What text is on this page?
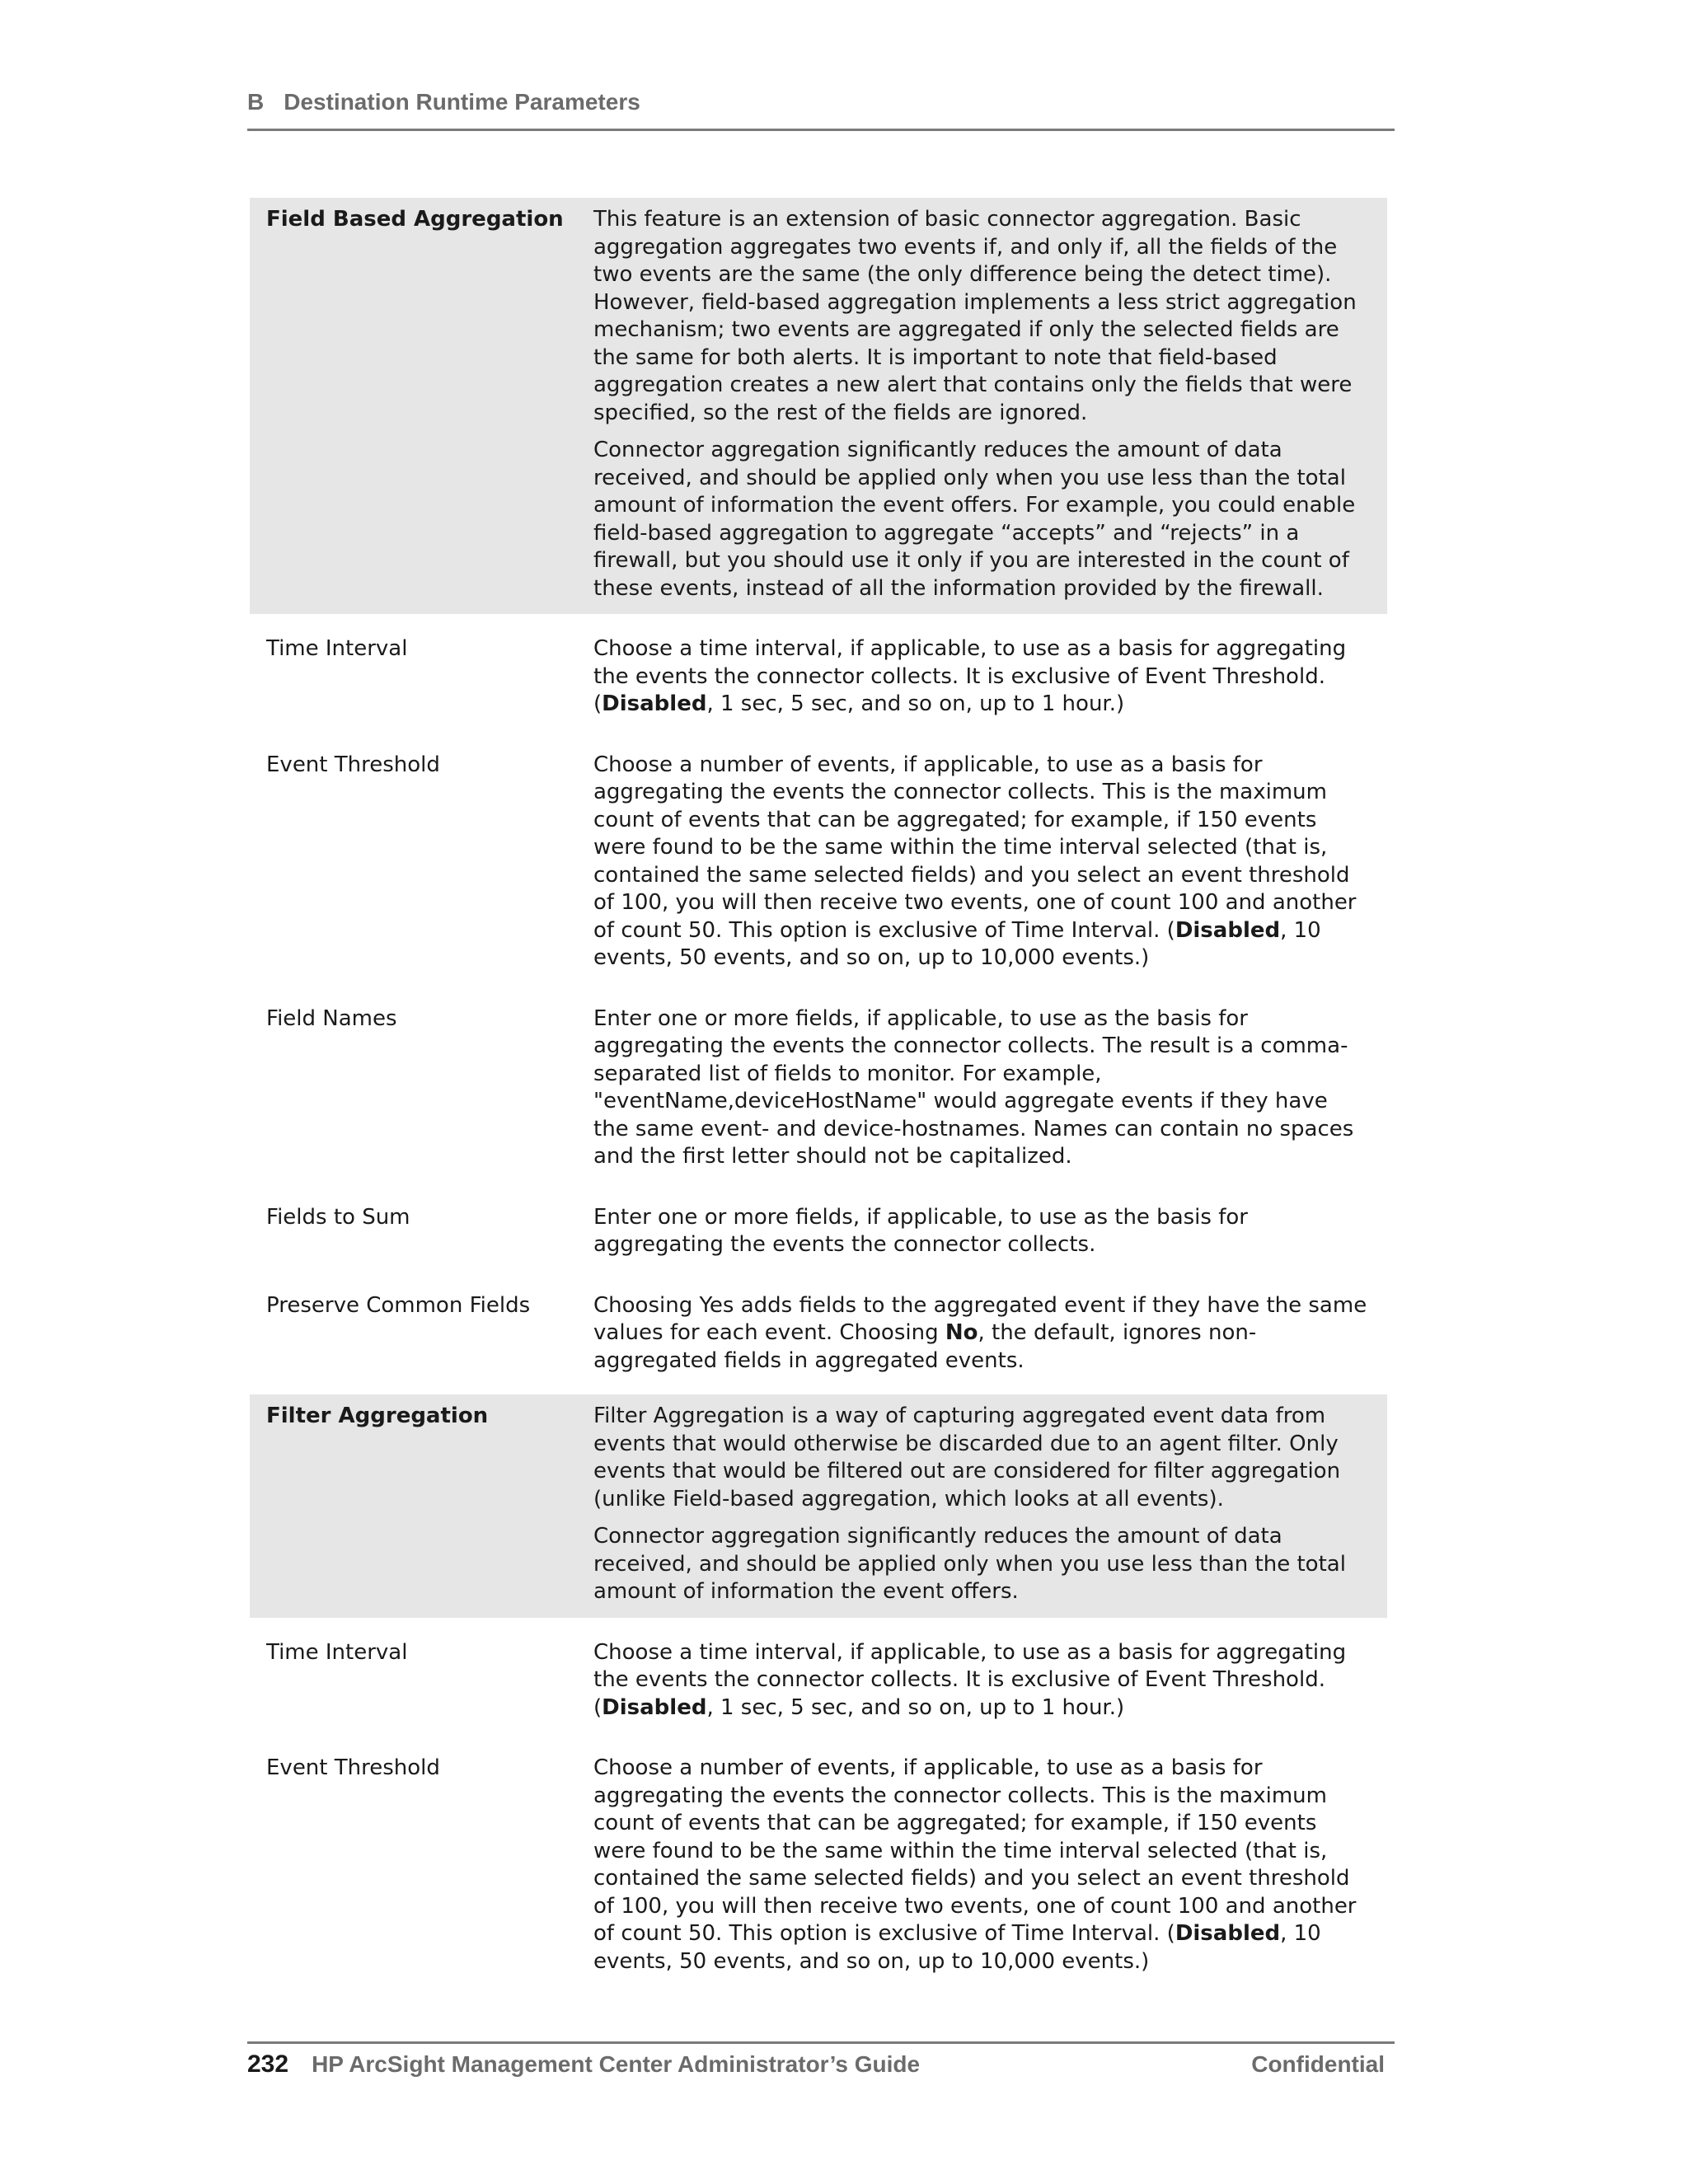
B Destination Runtime Parameters
Field Based Aggregation	This feature is an extension of basic connector aggregation. Basic aggregation aggregates two events if, and only if, all the fields of the two events are the same (the only difference being the detect time). However, field-based aggregation implements a less strict aggregation mechanism; two events are aggregated if only the selected fields are the same for both alerts. It is important to note that field-based aggregation creates a new alert that contains only the fields that were specified, so the rest of the fields are ignored.

Connector aggregation significantly reduces the amount of data received, and should be applied only when you use less than the total amount of information the event offers. For example, you could enable field-based aggregation to aggregate “accepts” and “rejects” in a firewall, but you should use it only if you are interested in the count of these events, instead of all the information provided by the firewall.

Time Interval	Choose a time interval, if applicable, to use as a basis for aggregating the events the connector collects. It is exclusive of Event Threshold. (Disabled, 1 sec, 5 sec, and so on, up to 1 hour.)

Event Threshold	Choose a number of events, if applicable, to use as a basis for aggregating the events the connector collects. This is the maximum count of events that can be aggregated; for example, if 150 events were found to be the same within the time interval selected (that is, contained the same selected fields) and you select an event threshold of 100, you will then receive two events, one of count 100 and another of count 50. This option is exclusive of Time Interval. (Disabled, 10 events, 50 events, and so on, up to 10,000 events.)

Field Names	Enter one or more fields, if applicable, to use as the basis for aggregating the events the connector collects. The result is a comma-separated list of fields to monitor. For example, "eventName,deviceHostName" would aggregate events if they have the same event- and device-hostnames. Names can contain no spaces and the first letter should not be capitalized.

Fields to Sum	Enter one or more fields, if applicable, to use as the basis for aggregating the events the connector collects.

Preserve Common Fields	Choosing Yes adds fields to the aggregated event if they have the same values for each event. Choosing No, the default, ignores non-aggregated fields in aggregated events.

Filter Aggregation	Filter Aggregation is a way of capturing aggregated event data from events that would otherwise be discarded due to an agent filter. Only events that would be filtered out are considered for filter aggregation (unlike Field-based aggregation, which looks at all events).

Connector aggregation significantly reduces the amount of data received, and should be applied only when you use less than the total amount of information the event offers.

Time Interval	Choose a time interval, if applicable, to use as a basis for aggregating the events the connector collects. It is exclusive of Event Threshold. (Disabled, 1 sec, 5 sec, and so on, up to 1 hour.)

Event Threshold	Choose a number of events, if applicable, to use as a basis for aggregating the events the connector collects. This is the maximum count of events that can be aggregated; for example, if 150 events were found to be the same within the time interval selected (that is, contained the same selected fields) and you select an event threshold of 100, you will then receive two events, one of count 100 and another of count 50. This option is exclusive of Time Interval. (Disabled, 10 events, 50 events, and so on, up to 10,000 events.)

232 HP ArcSight Management Center Administrator’s Guide	Confidential
